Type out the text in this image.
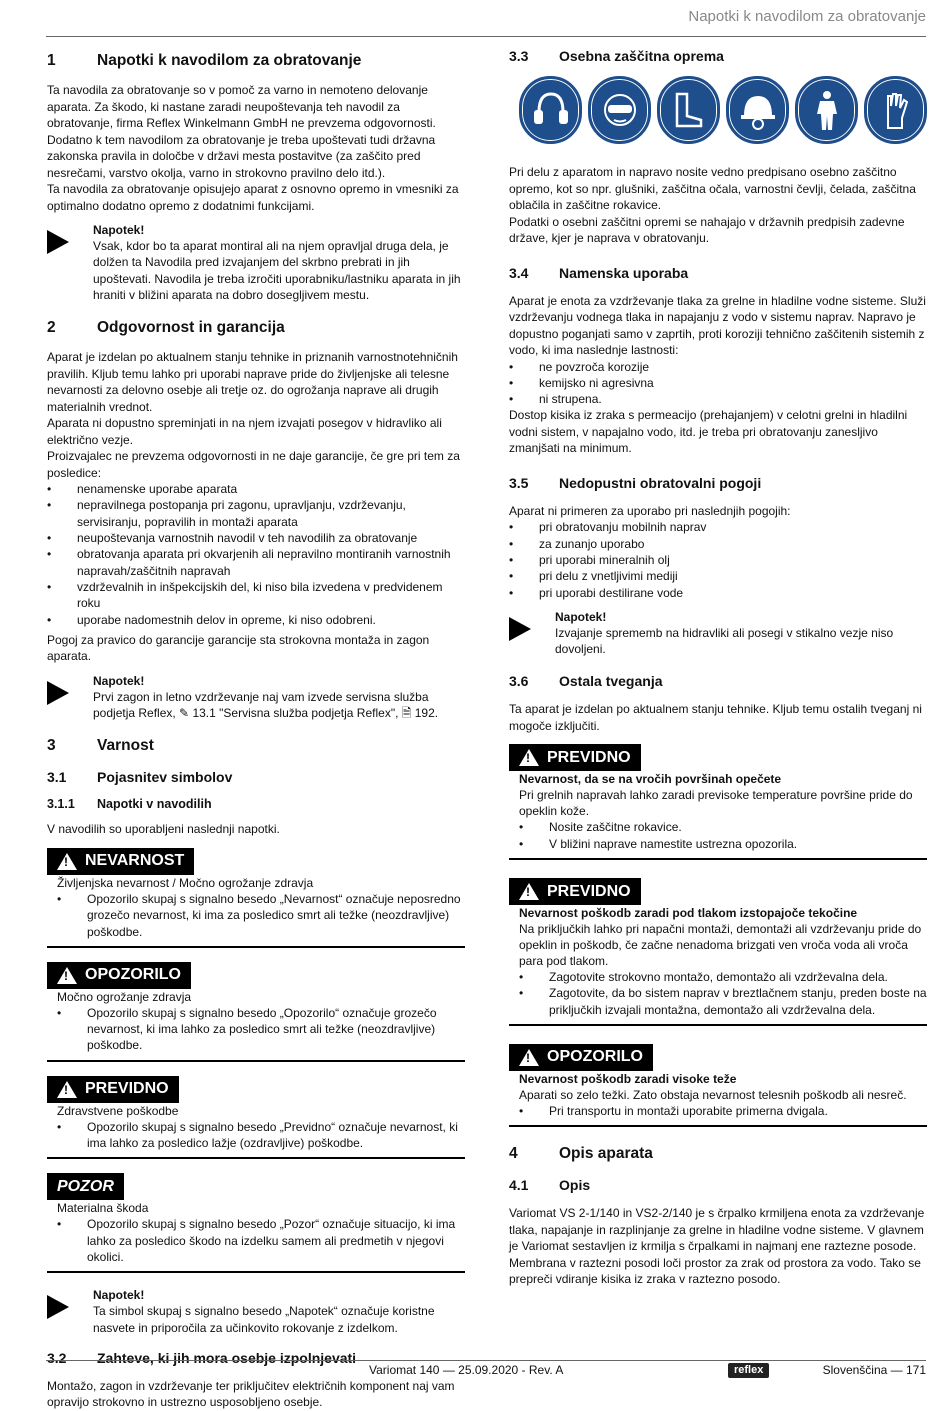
Napotki k navodilom za obratovanje
1	Napotki k navodilom za obratovanje

Ta navodila za obratovanje so v pomoč za varno in nemoteno delovanje aparata. Za škodo, ki nastane zaradi neupoštevanja teh navodil za obratovanje, firma Reflex Winkelmann GmbH ne prevzema odgovornosti. Dodatno k tem navodilom za obratovanje je treba upoštevati tudi državna zakonska pravila in določbe v državi mesta postavitve (za zaščito pred nesrečami, varstvo okolja, varno in strokovno pravilno delo itd.).

Ta navodila za obratovanje opisujejo aparat z osnovno opremo in vmesniki za optimalno dodatno opremo z dodatnimi funkcijami.

Napotek!
Vsak, kdor bo ta aparat montiral ali na njem opravljal druga dela, je dolžen ta Navodila pred izvajanjem del skrbno prebrati in jih upoštevati. Navodila je treba izročiti uporabniku/lastniku aparata in jih hraniti v bližini aparata na dobro dosegljivem mestu.
2	Odgovornost in garancija

Aparat je izdelan po aktualnem stanju tehnike in priznanih varnostnotehničnih pravilih. Kljub temu lahko pri uporabi naprave pride do življenjske ali telesne nevarnosti za delovno osebje ali tretje oz. do ogrožanja naprave ali drugih materialnih vrednot.

Aparata ni dopustno spreminjati in na njem izvajati posegov v hidravliko ali električno vezje.

Proizvajalec ne prevzema odgovornosti in ne daje garancije, če gre pri tem za posledice:

• nenamenske uporabe aparata
• nepravilnega postopanja pri zagonu, upravljanju, vzdrževanju, servisiranju, popravilih in montaži aparata
• neupoštevanja varnostnih navodil v teh navodilih za obratovanje
• obratovanja aparata pri okvarjenih ali nepravilno montiranih varnostnih napravah/zaščitnih napravah
• vzdrževalnih in inšpekcijskih del, ki niso bila izvedena v predvidenem roku
• uporabe nadomestnih delov in opreme, ki niso odobreni.

Pogoj za pravico do garancije garancije sta strokovna montaža in zagon aparata.

Napotek!
Prvi zagon in letno vzdrževanje naj vam izvede servisna služba podjetja Reflex, ✎ 13.1 "Servisna služba podjetja Reflex", 🗎 192.
3	Varnost
3.1	Pojasnitev simbolov
3.1.1	Napotki v navodilih

V navodilih so uporabljeni naslednji napotki.

!
NEVARNOST
Življenjska nevarnost / Močno ogrožanje zdravja
• Opozorilo skupaj s signalno besedo „Nevarnost“ označuje neposredno grozečo nevarnost, ki ima za posledico smrt ali težke (neozdravljive) poškodbe.
!
OPOZORILO
Močno ogrožanje zdravja
• Opozorilo skupaj s signalno besedo „Opozorilo“ označuje grozečo nevarnost, ki ima lahko za posledico smrt ali težke (neozdravljive) poškodbe.
!
PREVIDNO
Zdravstvene poškodbe
• Opozorilo skupaj s signalno besedo „Previdno“ označuje nevarnost, ki ima lahko za posledico lažje (ozdravljive) poškodbe.
POZOR
Materialna škoda
• Opozorilo skupaj s signalno besedo „Pozor“ označuje situacijo, ki ima lahko za posledico škodo na izdelku samem ali predmetih v njegovi okolici.
Napotek!
Ta simbol skupaj s signalno besedo „Napotek“ označuje koristne nasvete in priporočila za učinkovito rokovanje z izdelkom.
3.2	Zahteve, ki jih mora osebje izpolnjevati

Montažo, zagon in vzdrževanje ter priključitev električnih komponent naj vam opravijo strokovno in ustrezno usposobljeno osebje.

3.3	Osebna zaščitna oprema

Pri delu z aparatom in napravo nosite vedno predpisano osebno zaščitno opremo, kot so npr. glušniki, zaščitna očala, varnostni čevlji, čelada, zaščitna oblačila in zaščitne rokavice.

Podatki o osebni zaščitni opremi se nahajajo v državnih predpisih zadevne države, kjer je naprava v obratovanju.

3.4	Namenska uporaba

Aparat je enota za vzdrževanje tlaka za grelne in hladilne vodne sisteme. Služi vzdrževanju vodnega tlaka in napajanju z vodo v sistemu naprav. Napravo je dopustno poganjati samo v zaprtih, proti koroziji tehnično zaščitenih sistemih z vodo, ki ima naslednje lastnosti:

• ne povzroča korozije
• kemijsko ni agresivna
• ni strupena.

Dostop kisika iz zraka s permeacijo (prehajanjem) v celotni grelni in hladilni vodni sistem, v napajalno vodo, itd. je treba pri obratovanju zanesljivo zmanjšati na minimum.

3.5	Nedopustni obratovalni pogoji

Aparat ni primeren za uporabo pri naslednjih pogojih:

• pri obratovanju mobilnih naprav
• za zunanjo uporabo
• pri uporabi mineralnih olj
• pri delu z vnetljivimi mediji
• pri uporabi destilirane vode
Napotek!
Izvajanje sprememb na hidravliki ali posegi v stikalno vezje niso dovoljeni.
3.6	Ostala tveganja

Ta aparat je izdelan po aktualnem stanju tehnike. Kljub temu ostalih tveganj ni mogoče izključiti.

!
PREVIDNO
Nevarnost, da se na vročih površinah opečete
Pri grelnih napravah lahko zaradi previsoke temperature površine pride do opeklin kože.
• Nosite zaščitne rokavice.
• V bližini naprave namestite ustrezna opozorila.
!
PREVIDNO
Nevarnost poškodb zaradi pod tlakom izstopajoče tekočine
Na priključkih lahko pri napačni montaži, demontaži ali vzdrževanju pride do opeklin in poškodb, če začne nenadoma brizgati ven vroča voda ali vroča para pod tlakom.
• Zagotovite strokovno montažo, demontažo ali vzdrževalna dela.
• Zagotovite, da bo sistem naprav v breztlačnem stanju, preden boste na priključkih izvajali montažna, demontažo ali vzdrževalna dela.
!
OPOZORILO
Nevarnost poškodb zaradi visoke teže
Aparati so zelo težki. Zato obstaja nevarnost telesnih poškodb ali nesreč.
• Pri transportu in montaži uporabite primerna dvigala.
4	Opis aparata
4.1	Opis

Variomat VS 2-1/140 in VS2-2/140 je s črpalko krmiljena enota za vzdrževanje tlaka, napajanje in razplinjanje za grelne in hladilne vodne sisteme. V glavnem je Variomat sestavljen iz krmilja s črpalkami in najmanj ene raztezne posode. Membrana v raztezni posodi loči prostor za zrak od prostora za vodo. Tako se prepreči vdiranje kisika iz zraka v raztezno posodo.

Variomat 140 — 25.09.2020 - Rev. A	reflex	Slovenščina — 171
